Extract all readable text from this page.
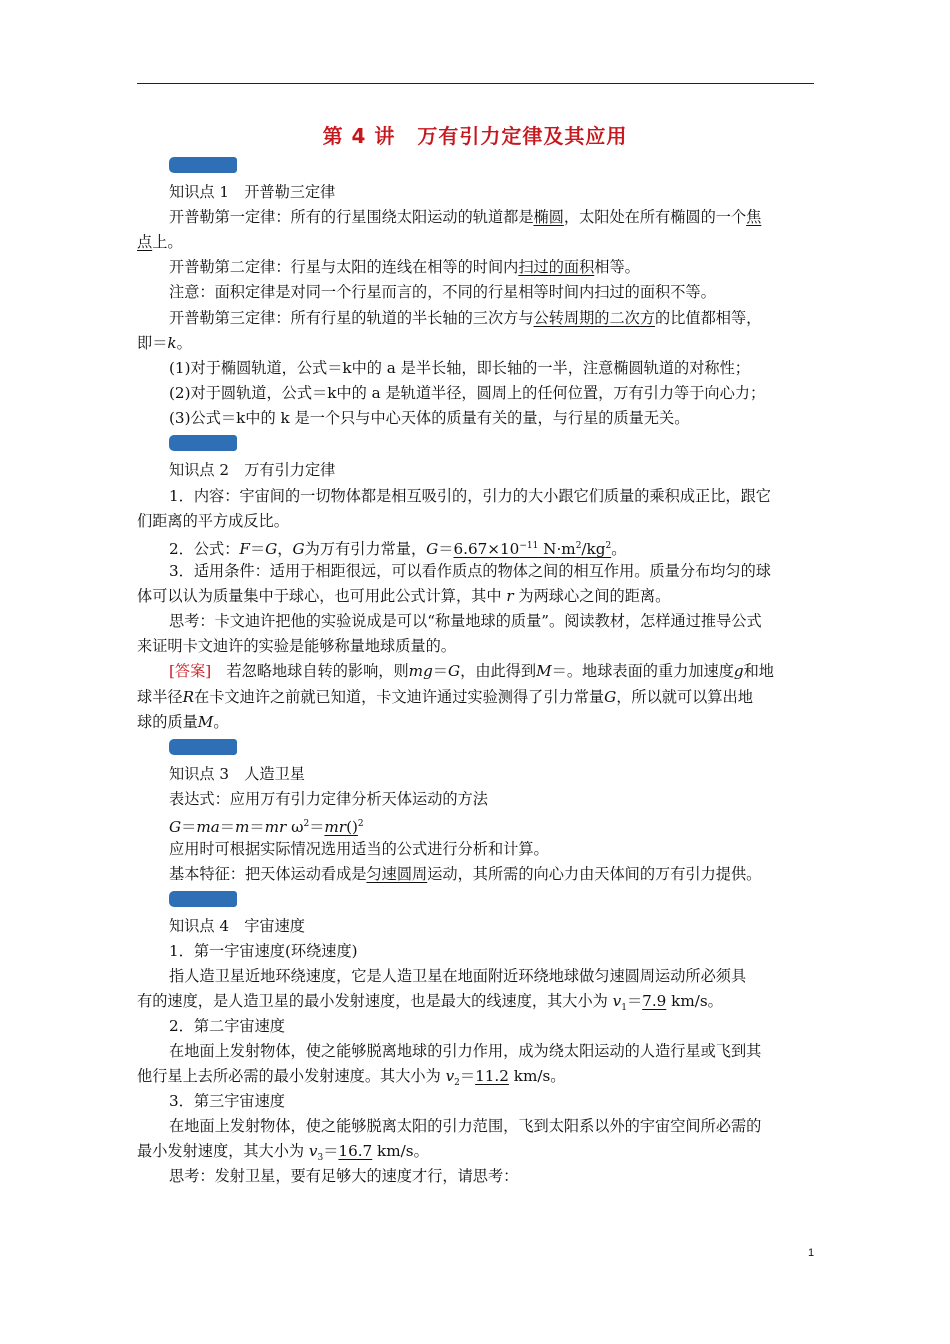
第 4 讲 万有引力定律及其应用
知识点 1　开普勒三定律
开普勒第一定律：所有的行星围绕太阳运动的轨道都是椭圆，太阳处在所有椭圆的一个焦
点上。
开普勒第二定律：行星与太阳的连线在相等的时间内扫过的面积相等。
注意：面积定律是对同一个行星而言的，不同的行星相等时间内扫过的面积不等。
开普勒第三定律：所有行星的轨道的半长轴的三次方与公转周期的二次方的比值都相等，
即＝k。
(1)对于椭圆轨道，公式＝k中的 a 是半长轴，即长轴的一半，注意椭圆轨道的对称性；
(2)对于圆轨道，公式＝k中的 a 是轨道半径，圆周上的任何位置，万有引力等于向心力；
(3)公式＝k中的 k 是一个只与中心天体的质量有关的量，与行星的质量无关。
知识点 2　万有引力定律
1．内容：宇宙间的一切物体都是相互吸引的，引力的大小跟它们质量的乘积成正比，跟它
们距离的平方成反比。
2．公式：F＝G，G为万有引力常量，$G=6.67\times 10^{-11}$ $N\cdot m^2/kg^2$。
3．适用条件：适用于相距很远，可以看作质点的物体之间的相互作用。质量分布均匀的球
体可以认为质量集中于球心，也可用此公式计算，其中 r 为两球心之间的距离。
思考：卡文迪许把他的实验说成是可以“称量地球的质量”。阅读教材，怎样通过推导公式
来证明卡文迪许的实验是能够称量地球质量的。
[答案]　 若忽略地球自转的影响，则mg＝G，由此得到M＝。地球表面的重力加速度g和地
球半径R在卡文迪许之前就已知道，卡文迪许通过实验测得了引力常量G，所以就可以算出地
球的质量M。
知识点 3　人造卫星
表达式：应用万有引力定律分析天体运动的方法
G＝ma＝m＝mr $\omega^2=mr()^2$
应用时可根据实际情况选用适当的公式进行分析和计算。
基本特征：把天体运动看成是匀速圆周运动，其所需的向心力由天体间的万有引力提供。
知识点 4　宇宙速度
1．第一宇宙速度(环绕速度)
指人造卫星近地环绕速度，它是人造卫星在地面附近环绕地球做匀速圆周运动所必须具
有的速度，是人造卫星的最小发射速度，也是最大的线速度，其大小为 $v_1=7.9$ km/s。
2．第二宇宙速度
在地面上发射物体，使之能够脱离地球的引力作用，成为绕太阳运动的人造行星或飞到其
他行星上去所必需的最小发射速度。其大小为 $v_2=11.2$ km/s。
3．第三宇宙速度
在地面上发射物体，使之能够脱离太阳的引力范围，飞到太阳系以外的宇宙空间所必需的
最小发射速度，其大小为 $v_3=16.7$ km/s。
思考：发射卫星，要有足够大的速度才行，请思考：
1
